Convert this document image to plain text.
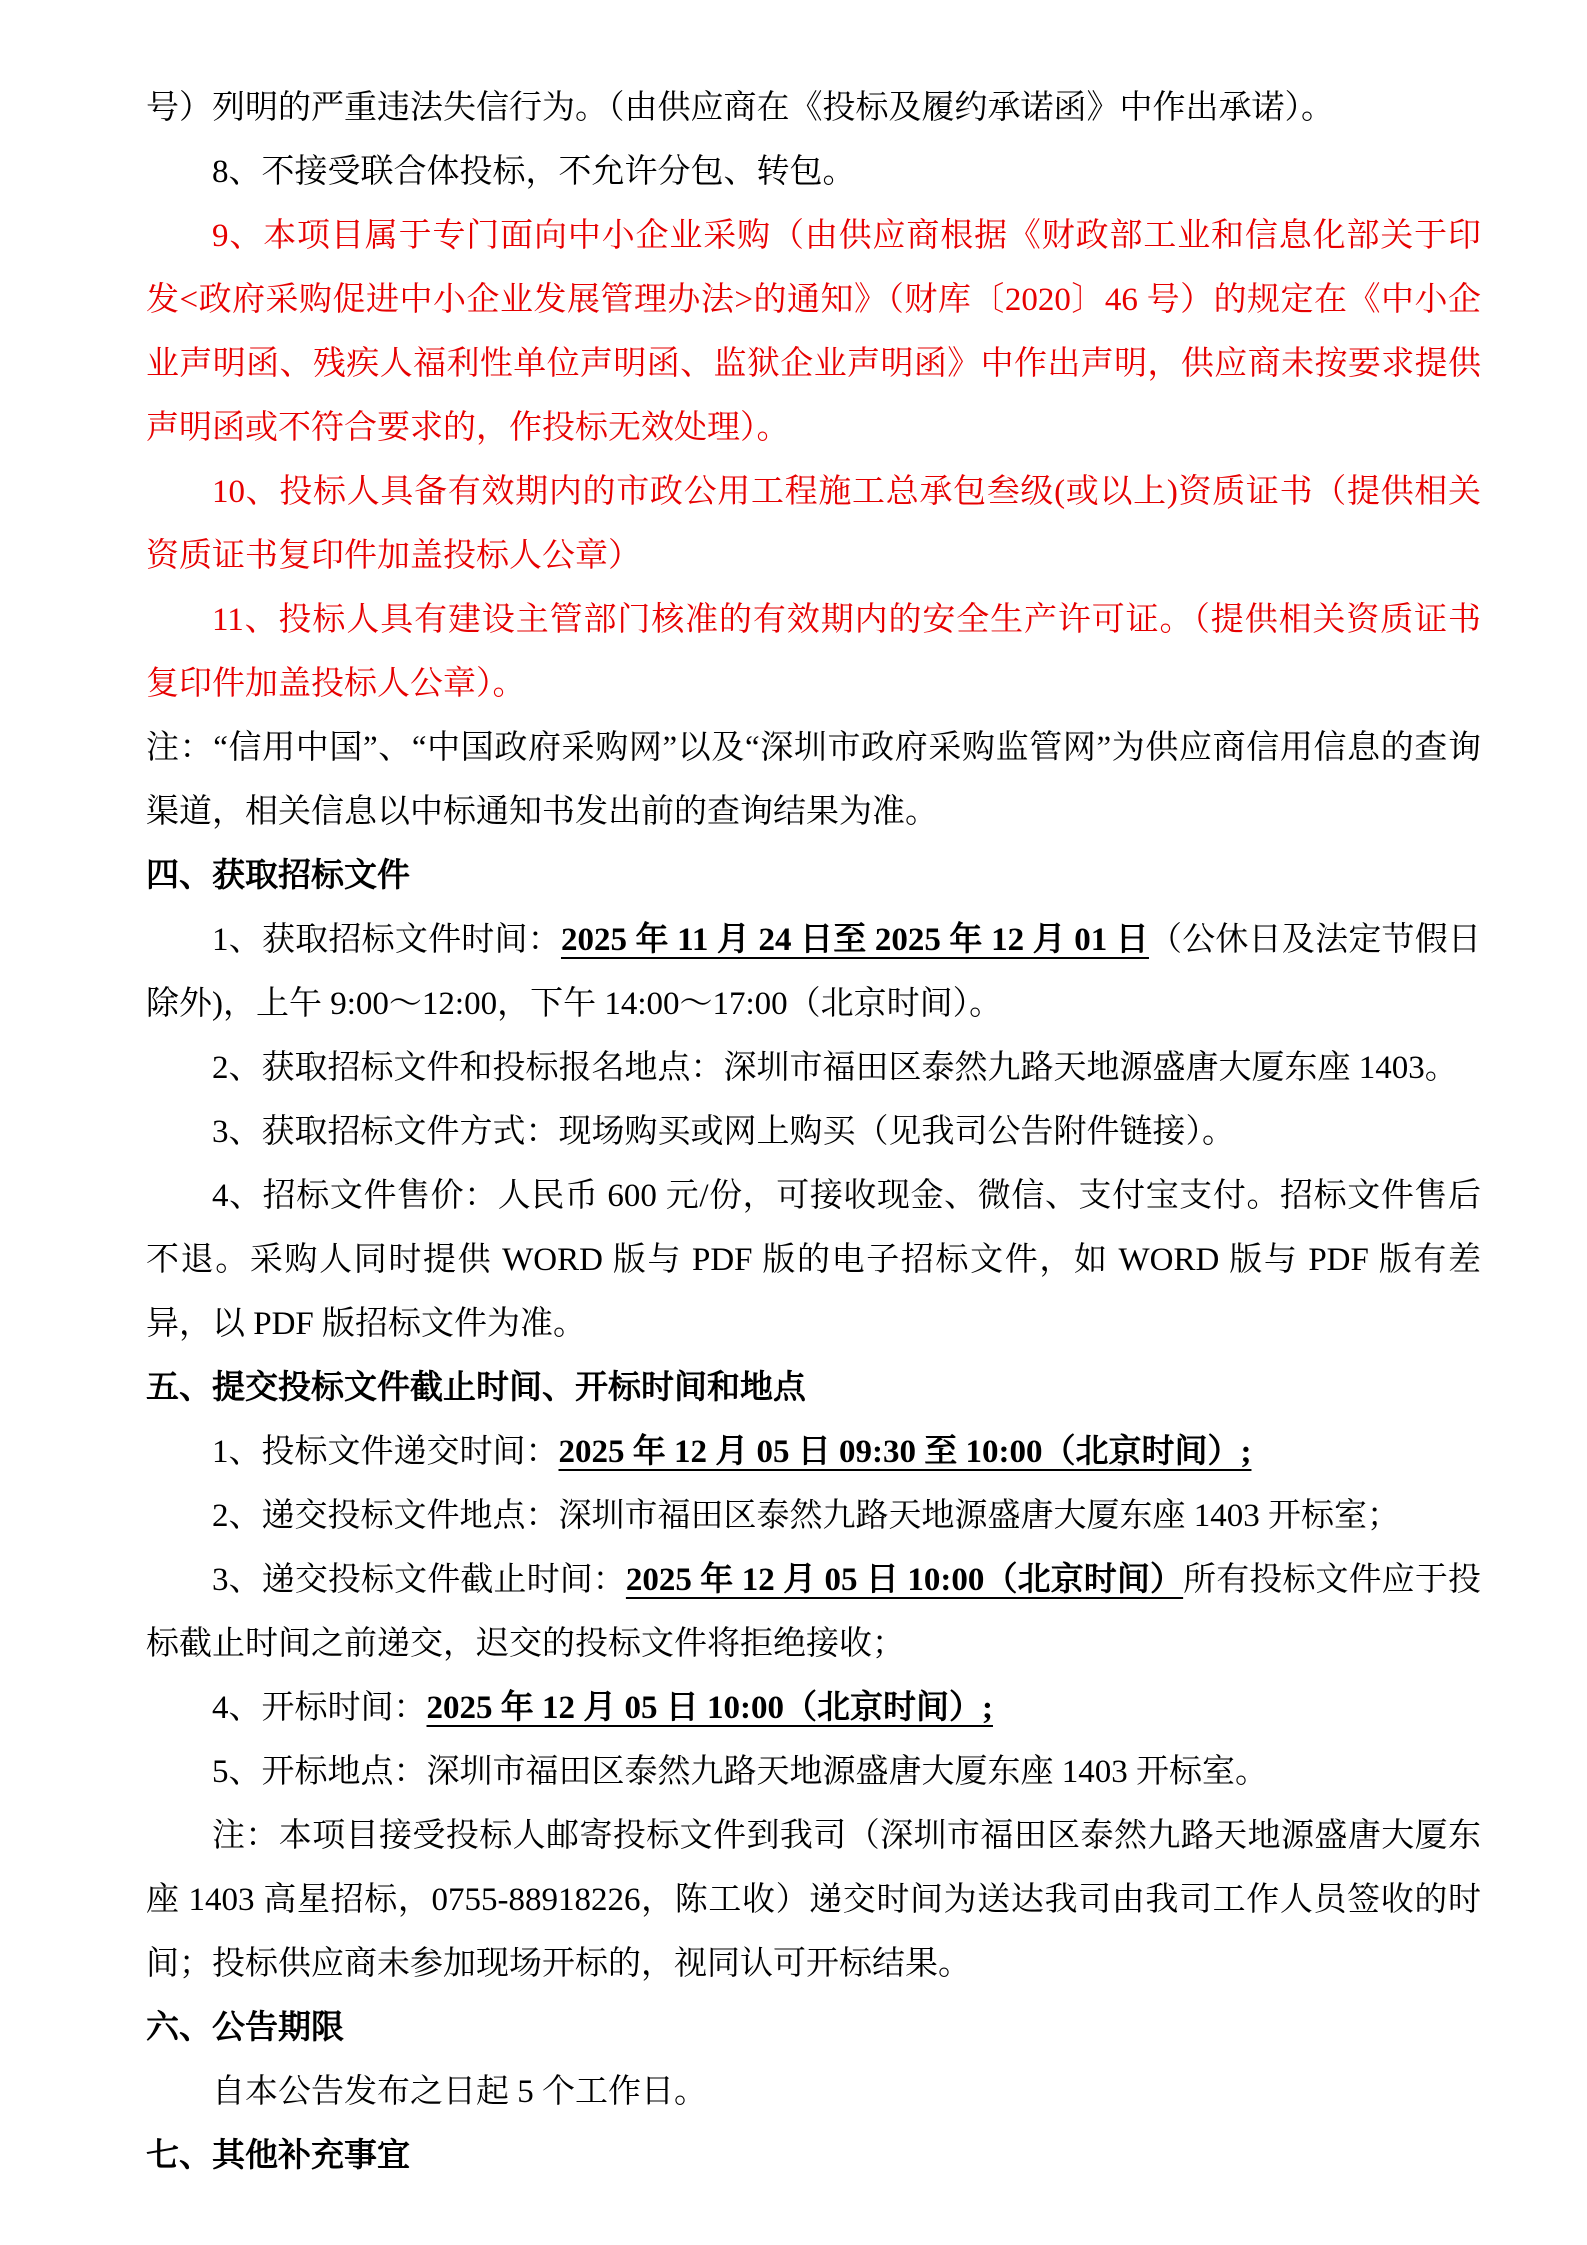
号）列明的严重违法失信行为。（由供应商在《投标及履约承诺函》中作出承诺）。

8、不接受联合体投标，不允许分包、转包。

9、本项目属于专门面向中小企业采购（由供应商根据《财政部工业和信息化部关于印发<政府采购促进中小企业发展管理办法>的通知》（财库〔2020〕46 号）的规定在《中小企业声明函、残疾人福利性单位声明函、监狱企业声明函》中作出声明，供应商未按要求提供声明函或不符合要求的，作投标无效处理）。

10、投标人具备有效期内的市政公用工程施工总承包叁级(或以上)资质证书（提供相关资质证书复印件加盖投标人公章）

11、投标人具有建设主管部门核准的有效期内的安全生产许可证。（提供相关资质证书复印件加盖投标人公章）。

注：“信用中国”、“中国政府采购网”以及“深圳市政府采购监管网”为供应商信用信息的查询渠道，相关信息以中标通知书发出前的查询结果为准。

四、获取招标文件

1、获取招标文件时间：2025 年 11 月 24 日至 2025 年 12 月 01 日（公休日及法定节假日除外)，上午 9:00～12:00，下午 14:00～17:00（北京时间）。

2、获取招标文件和投标报名地点：深圳市福田区泰然九路天地源盛唐大厦东座 1403。

3、获取招标文件方式：现场购买或网上购买（见我司公告附件链接）。

4、招标文件售价：人民币 600 元/份，可接收现金、微信、支付宝支付。招标文件售后不退。采购人同时提供 WORD 版与 PDF 版的电子招标文件，如 WORD 版与 PDF 版有差异，以 PDF 版招标文件为准。

五、提交投标文件截止时间、开标时间和地点

1、投标文件递交时间：2025 年 12 月 05 日 09:30 至 10:00（北京时间）;

2、递交投标文件地点：深圳市福田区泰然九路天地源盛唐大厦东座 1403 开标室；

3、递交投标文件截止时间：2025 年 12 月 05 日 10:00（北京时间）所有投标文件应于投标截止时间之前递交，迟交的投标文件将拒绝接收；

4、开标时间：2025 年 12 月 05 日 10:00（北京时间）;

5、开标地点：深圳市福田区泰然九路天地源盛唐大厦东座 1403 开标室。

注：本项目接受投标人邮寄投标文件到我司（深圳市福田区泰然九路天地源盛唐大厦东座 1403 高星招标，0755-88918226，陈工收）递交时间为送达我司由我司工作人员签收的时间；投标供应商未参加现场开标的，视同认可开标结果。

六、公告期限

自本公告发布之日起 5 个工作日。

七、其他补充事宜
